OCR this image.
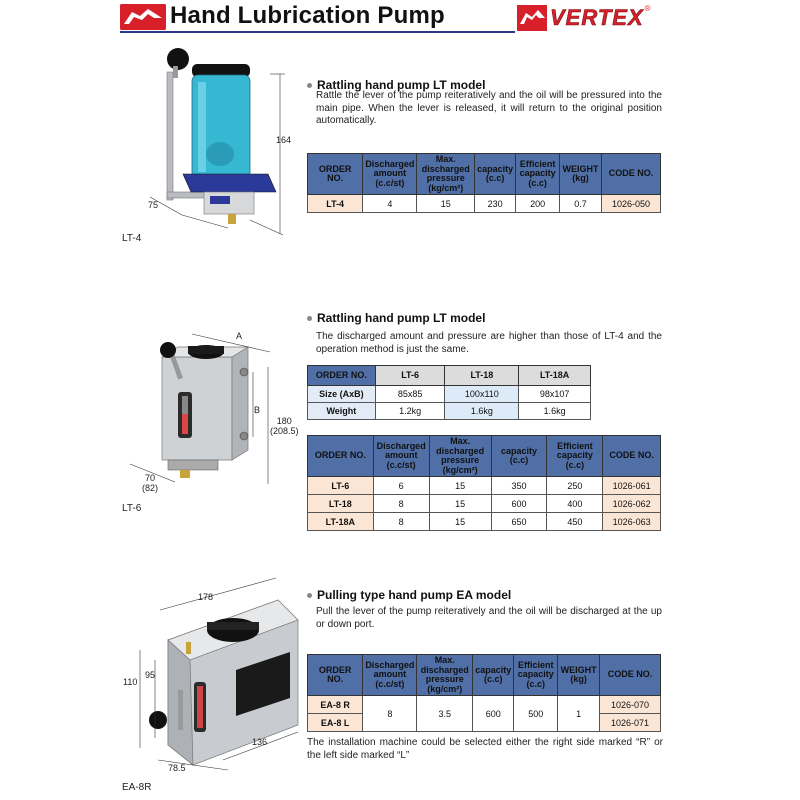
Hand Lubrication Pump	VERTEX ®
164
75
LT-4
Rattling hand pump LT model
Rattle the lever of the pump reiteratively and the oil will be pressured into the main pipe. When the lever is released, it will return to the original position automatically.
ORDER NO.	Discharged amount (c.c/st)	Max. discharged pressure (kg/cm²)	capacity (c.c)	Efficient capacity (c.c)	WEIGHT (kg)	CODE NO.
LT-4	4	15	230	200	0.7	1026-050
A
B
180
(208.5)
70
(82)
LT-6
Rattling hand pump LT model
The discharged amount and pressure are higher than those of LT-4 and the operation method is just the same.
ORDER NO.	LT-6	LT-18	LT-18A
Size (AxB)	85x85	100x110	98x107
Weight	1.2kg	1.6kg	1.6kg
ORDER NO.	Discharged amount (c.c/st)	Max. discharged pressure (kg/cm²)	capacity (c.c)	Efficient capacity (c.c)	CODE NO.
LT-6	6	15	350	250	1026-061
LT-18	8	15	600	400	1026-062
LT-18A	8	15	650	450	1026-063
178
110
95
136
78.5
EA-8R
Pulling type hand pump EA model
Pull the lever of the pump reiteratively and the oil will be discharged at the up or down port.
ORDER NO.	Discharged amount (c.c/st)	Max. discharged pressure (kg/cm²)	capacity (c.c)	Efficient capacity (c.c)	WEIGHT (kg)	CODE NO.
EA-8 R	8	3.5	600	500	1	1026-070
EA-8 L						1026-071
The installation machine could be selected either the right side marked “R” or the left side marked “L”
